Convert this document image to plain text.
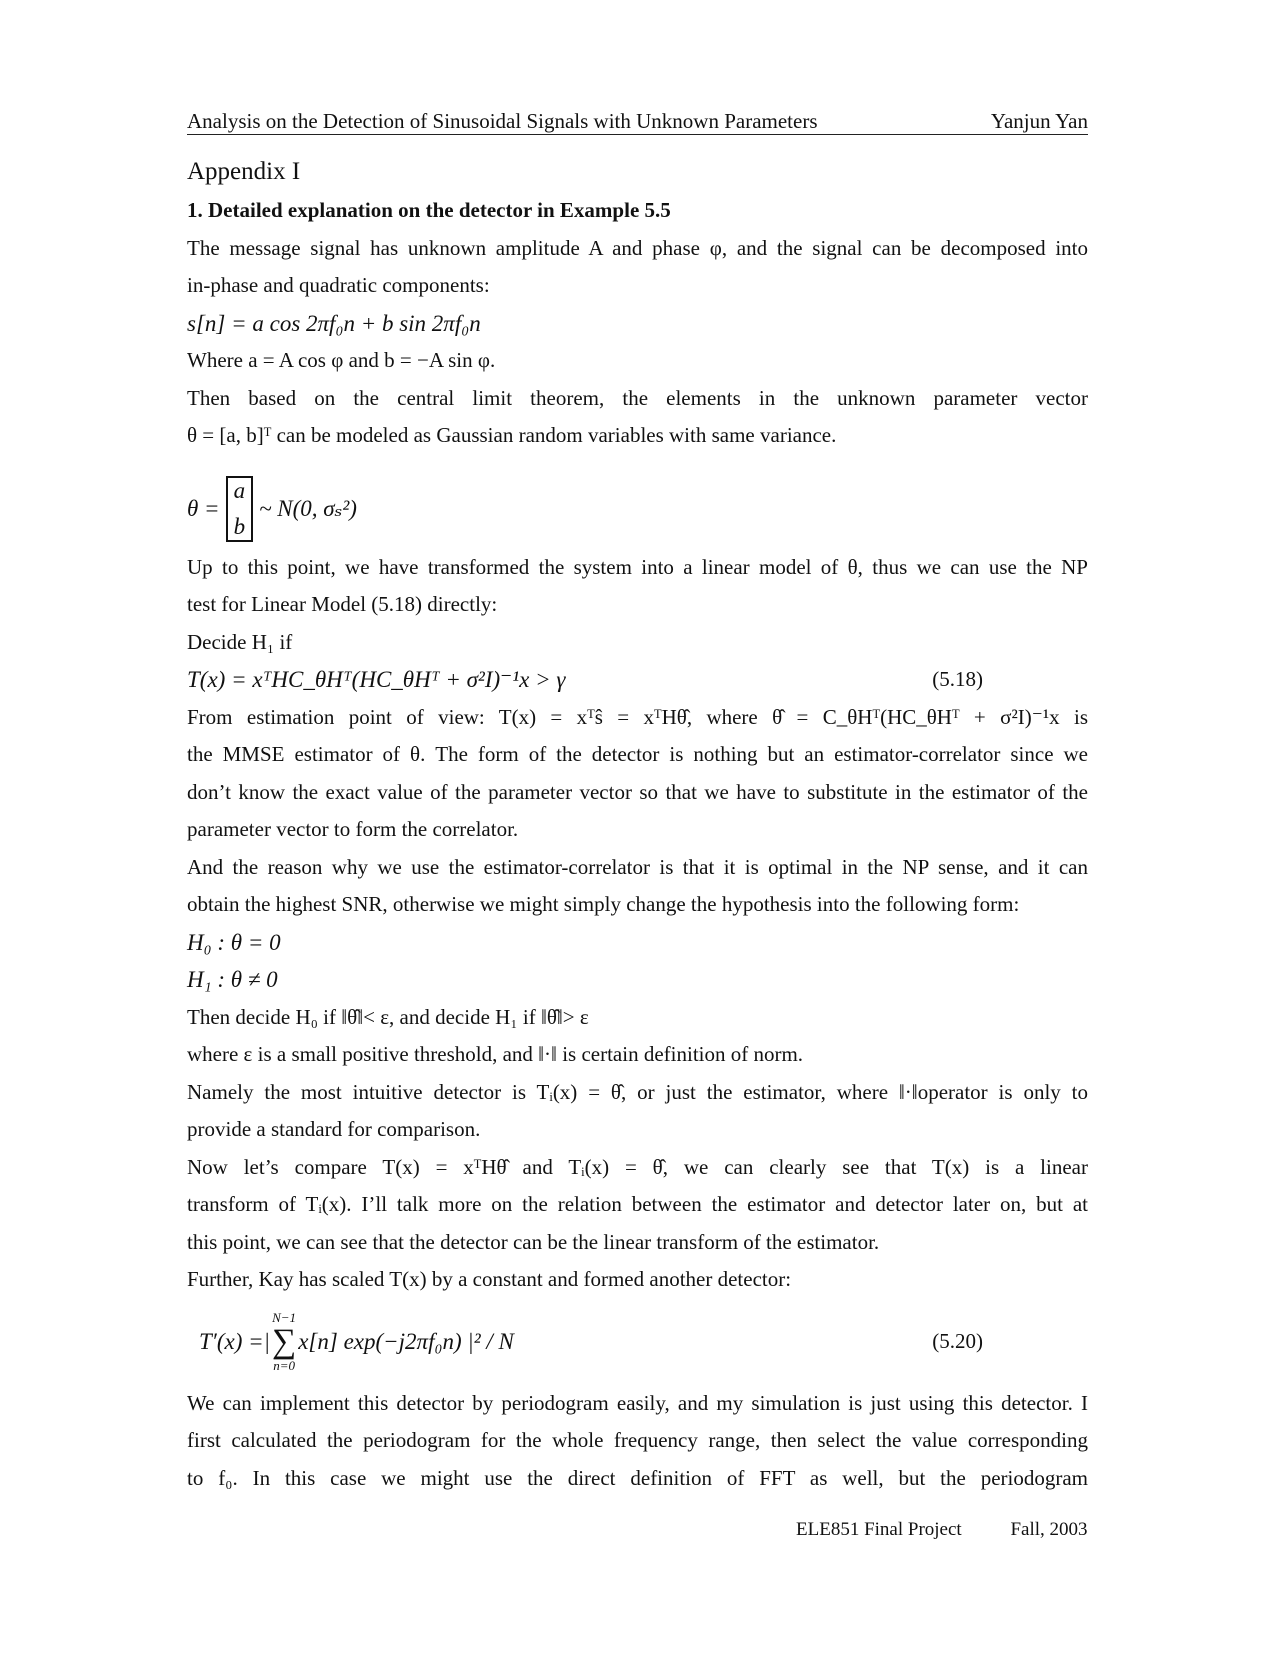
Analysis on the Detection of Sinusoidal Signals with Unknown Parameters	Yanjun Yan
Appendix I
1. Detailed explanation on the detector in Example 5.5
The message signal has unknown amplitude A and phase φ, and the signal can be decomposed into
in-phase and quadratic components:
s[n] = a cos 2πf₀n + b sin 2πf₀n
Where a = A cos φ and b = −A sin φ.
Then based on the central limit theorem, the elements in the unknown parameter vector
θ = [a, b]ᵀ can be modeled as Gaussian random variables with same variance.
θ =
a
b
~ N(0, σₛ²)
Up to this point, we have transformed the system into a linear model of θ, thus we can use the NP
test for Linear Model (5.18) directly:
Decide H₁ if
T(x) = xᵀHC_θHᵀ(HC_θHᵀ + σ²I)⁻¹x > γ	(5.18)
From estimation point of view: T(x) = xᵀŝ = xᵀHθ̂, where θ̂ = C_θHᵀ(HC_θHᵀ + σ²I)⁻¹x is
the MMSE estimator of θ. The form of the detector is nothing but an estimator-correlator since we
don’t know the exact value of the parameter vector so that we have to substitute in the estimator of the
parameter vector to form the correlator.
And the reason why we use the estimator-correlator is that it is optimal in the NP sense, and it can
obtain the highest SNR, otherwise we might simply change the hypothesis into the following form:
H₀ : θ = 0
H₁ : θ ≠ 0
Then decide H₀ if ‖θ̂‖< ε, and decide H₁ if ‖θ̂‖> ε
where ε is a small positive threshold, and ‖·‖ is certain definition of norm.
Namely the most intuitive detector is Tᵢ(x) = θ̂, or just the estimator, where ‖·‖operator is only to
provide a standard for comparison.
Now let’s compare T(x) = xᵀHθ̂ and Tᵢ(x) = θ̂, we can clearly see that T(x) is a linear
transform of Tᵢ(x). I’ll talk more on the relation between the estimator and detector later on, but at
this point, we can see that the detector can be the linear transform of the estimator.
Further, Kay has scaled T(x) by a constant and formed another detector:
T′(x) =|
N−1
∑
n=0
x[n] exp(−j2πf₀n) |² / N	(5.20)
We can implement this detector by periodogram easily, and my simulation is just using this detector. I
first calculated the periodogram for the whole frequency range, then select the value corresponding
to f₀. In this case we might use the direct definition of FFT as well, but the periodogram
ELE851 Final Project	Fall, 2003
